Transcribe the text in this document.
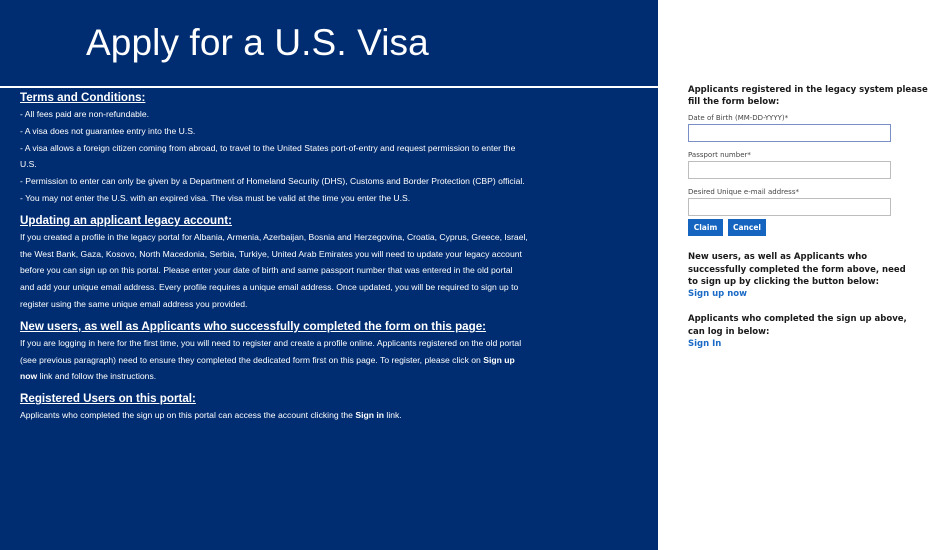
Apply for a U.S. Visa
Terms and Conditions:
- All fees paid are non-refundable.
- A visa does not guarantee entry into the U.S.
- A visa allows a foreign citizen coming from abroad, to travel to the United States port-of-entry and request permission to enter the
U.S.
- Permission to enter can only be given by a Department of Homeland Security (DHS), Customs and Border Protection (CBP) official.
- You may not enter the U.S. with an expired visa. The visa must be valid at the time you enter the U.S.
Updating an applicant legacy account:
If you created a profile in the legacy portal for Albania, Armenia, Azerbaijan, Bosnia and Herzegovina, Croatia, Cyprus, Greece, Israel,
the West Bank, Gaza, Kosovo, North Macedonia, Serbia, Turkiye, United Arab Emirates you will need to update your legacy account
before you can sign up on this portal. Please enter your date of birth and same passport number that was entered in the old portal
and add your unique email address. Every profile requires a unique email address. Once updated, you will be required to sign up to
register using the same unique email address you provided.
New users, as well as Applicants who successfully completed the form on this page:
If you are logging in here for the first time, you will need to register and create a profile online. Applicants registered on the old portal
(see previous paragraph) need to ensure they completed the dedicated form first on this page. To register, please click on Sign up
now link and follow the instructions.
Registered Users on this portal:
Applicants who completed the sign up on this portal can access the account clicking the Sign in link.
Applicants registered in the legacy system please fill the form below:
Date of Birth (MM-DD-YYYY)*
Passport number*
Desired Unique e-mail address*
Claim	Cancel
New users, as well as Applicants who successfully completed the form above, need to sign up by clicking the button below:
Sign up now
Applicants who completed the sign up above, can log in below:
Sign In
